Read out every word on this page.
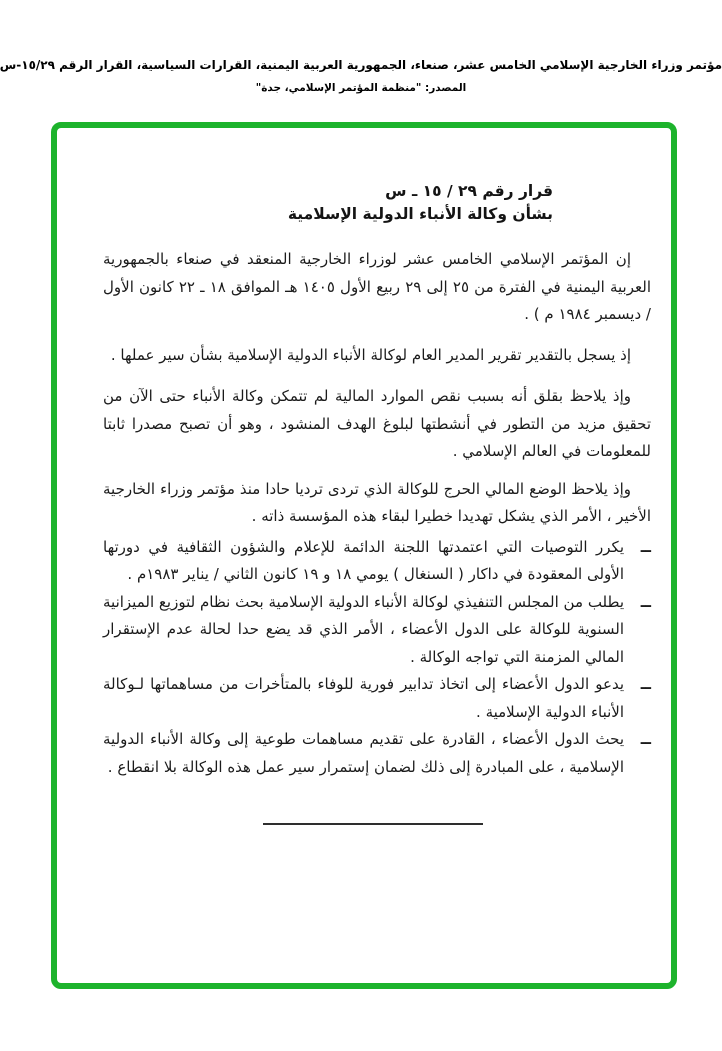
مؤتمر وزراء الخارجية الإسلامي الخامس عشر، صنعاء، الجمهورية العربية اليمنية، القرارات السياسية، القرار الرقم ٢٩/‏١٥-س
المصدر: "منظمة المؤتمر الإسلامي، جدة"
قرار رقم ٢٩ / ١٥ ـ س
بشأن وكالة الأنباء الدولية الإسلامية

إن المؤتمر الإسلامي الخامس عشر لوزراء الخارجية المنعقد في صنعاء بالجمهورية العربية اليمنية في الفترة من ٢٥ إلى ٢٩ ربيع الأول ١٤٠٥ هـ الموافق ١٨ ـ ٢٢ كانون الأول / ديسمبر ١٩٨٤ م ) .

إذ يسجل بالتقدير تقرير المدير العام لوكالة الأنباء الدولية الإسلامية بشأن سير عملها .

وإذ يلاحظ بقلق أنه بسبب نقص الموارد المالية لم تتمكن وكالة الأنباء حتى الآن من تحقيق مزيد من التطور في أنشطتها لبلوغ الهدف المنشود ، وهو أن تصبح مصدرا ثابتا للمعلومات في العالم الإسلامي .

وإذ يلاحظ الوضع المالي الحرج للوكالة الذي تردى ترديا حادا منذ مؤتمر وزراء الخارجية الأخير ، الأمر الذي يشكل تهديدا خطيرا لبقاء هذه المؤسسة ذاته .

ــ
يكرر التوصيات التي اعتمدتها اللجنة الدائمة للإعلام والشؤون الثقافية في دورتها الأولى المعقودة في داكار ( السنغال ) يومي ١٨ و ١٩ كانون الثاني / يناير ١٩٨٣م .
ــ
يطلب من المجلس التنفيذي لوكالة الأنباء الدولية الإسلامية بحث نظام لتوزيع الميزانية السنوية للوكالة على الدول الأعضاء ، الأمر الذي قد يضع حدا لحالة عدم الإستقرار المالي المزمنة التي تواجه الوكالة .
ــ
يدعو الدول الأعضاء إلى اتخاذ تدابير فورية للوفاء بالمتأخرات من مساهماتها لـوكالة الأنباء الدولية الإسلامية .
ــ
يحث الدول الأعضاء ، القادرة على تقديم مساهمات طوعية إلى وكالة الأنباء الدولية الإسلامية ، على المبادرة إلى ذلك لضمان إستمرار سير عمل هذه الوكالة بلا انقطاع .
